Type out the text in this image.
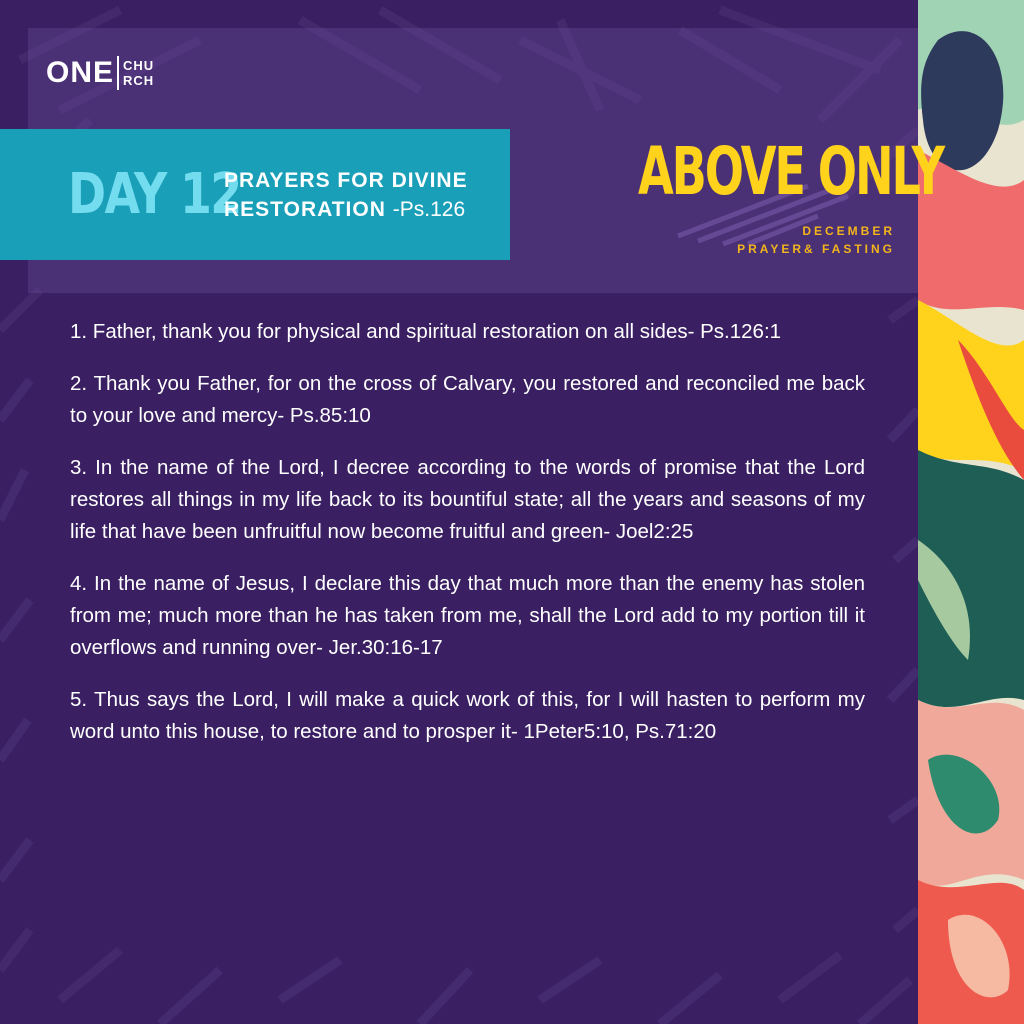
ONE CHU
RCH
DAY 12
PRAYERS FOR DIVINE
RESTORATION -Ps.126	ABOVE ONLY
DECEMBER
PRAYER& FASTING
1. Father, thank you for physical and spiritual restoration on all sides- Ps.126:1
2. Thank you Father, for on the cross of Calvary, you restored and reconciled me back to your love and mercy- Ps.85:10
3. In the name of the Lord, I decree according to the words of promise that the Lord restores all things in my life back to its bountiful state; all the years and seasons of my life that have been unfruitful now become fruitful and green- Joel2:25
4. In the name of Jesus, I declare this day that much more than the enemy has stolen from me; much more than he has taken from me, shall the Lord add to my portion till it overflows and running over- Jer.30:16-17
5. Thus says the Lord, I will make a quick work of this, for I will hasten to perform my word unto this house, to restore and to prosper it- 1Peter5:10, Ps.71:20
